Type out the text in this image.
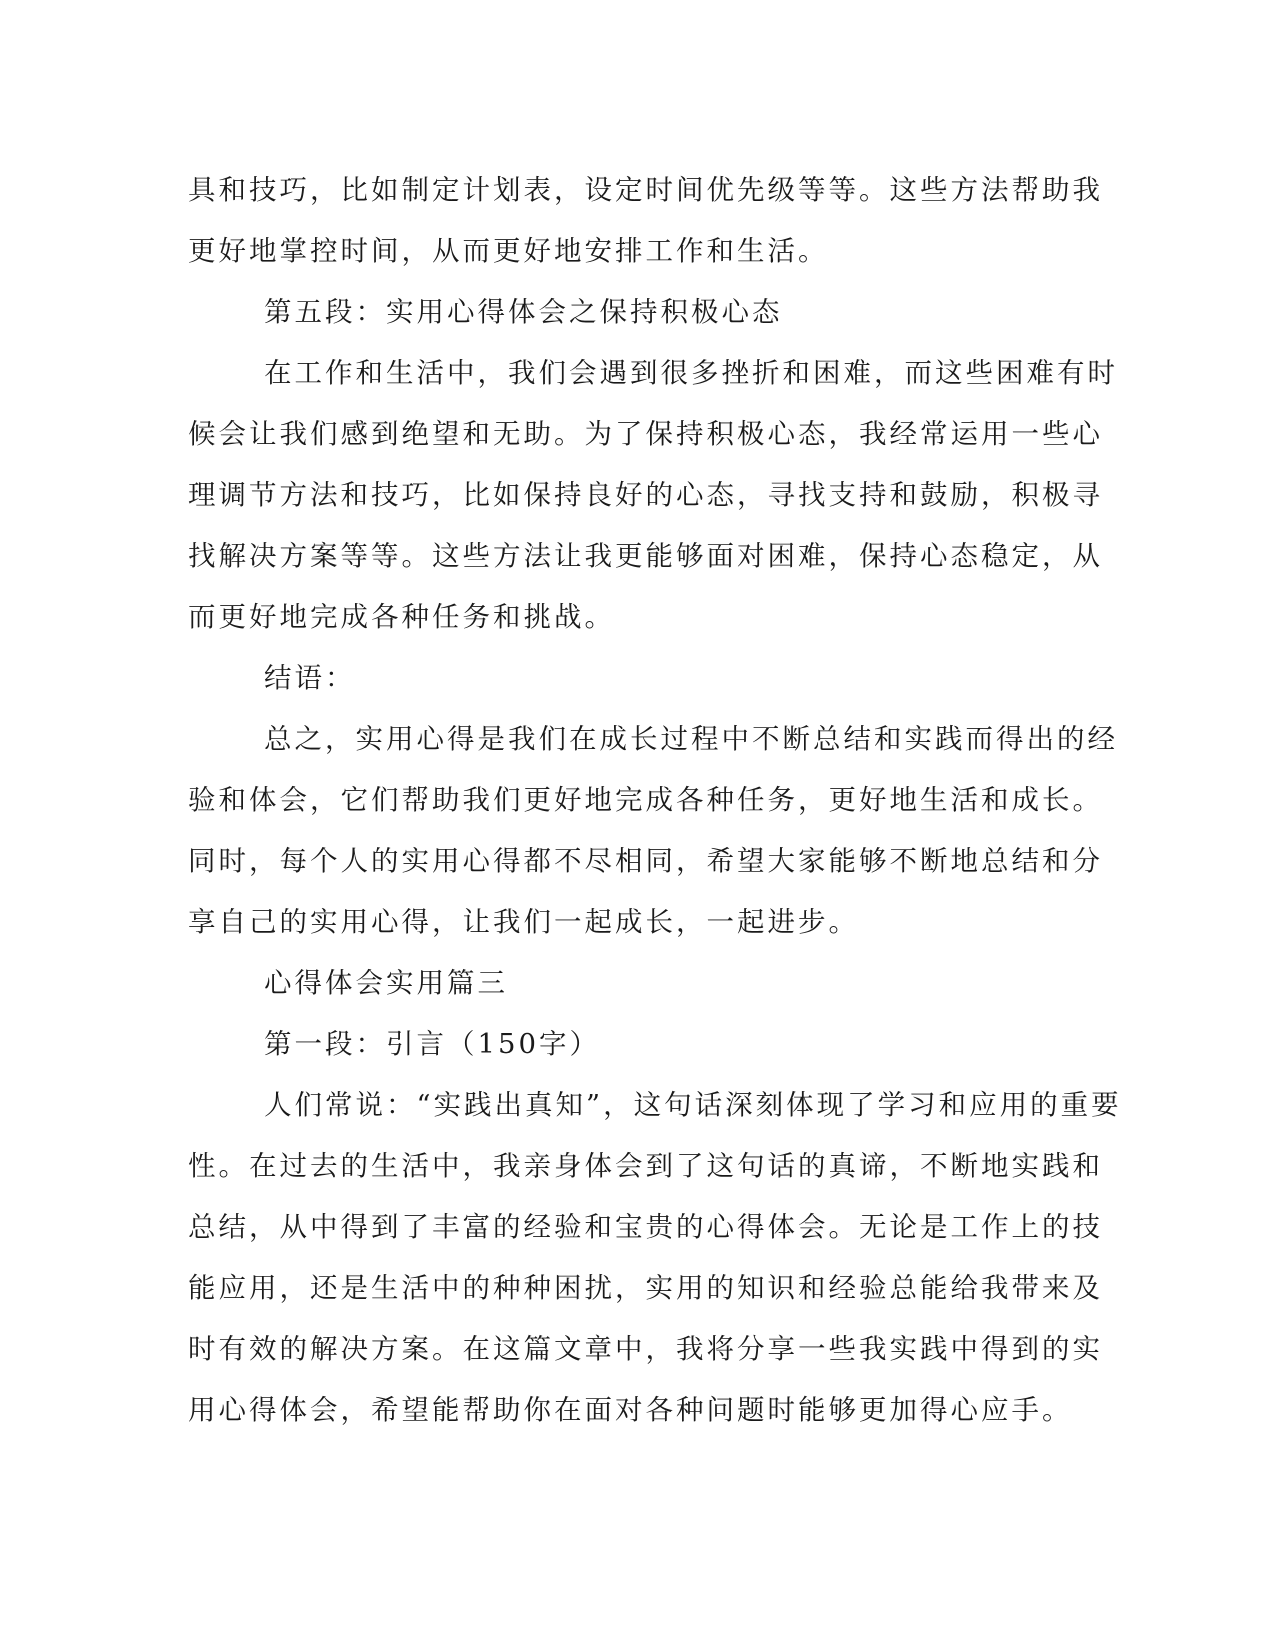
具和技巧，比如制定计划表，设定时间优先级等等。这些方法帮助我

更好地掌控时间，从而更好地安排工作和生活。

第五段：实用心得体会之保持积极心态

在工作和生活中，我们会遇到很多挫折和困难，而这些困难有时

候会让我们感到绝望和无助。为了保持积极心态，我经常运用一些心

理调节方法和技巧，比如保持良好的心态，寻找支持和鼓励，积极寻

找解决方案等等。这些方法让我更能够面对困难，保持心态稳定，从

而更好地完成各种任务和挑战。

结语：

总之，实用心得是我们在成长过程中不断总结和实践而得出的经

验和体会，它们帮助我们更好地完成各种任务，更好地生活和成长。

同时，每个人的实用心得都不尽相同，希望大家能够不断地总结和分

享自己的实用心得，让我们一起成长，一起进步。

心得体会实用篇三

第一段：引言（150字）

人们常说：“实践出真知”，这句话深刻体现了学习和应用的重要

性。在过去的生活中，我亲身体会到了这句话的真谛，不断地实践和

总结，从中得到了丰富的经验和宝贵的心得体会。无论是工作上的技

能应用，还是生活中的种种困扰，实用的知识和经验总能给我带来及

时有效的解决方案。在这篇文章中，我将分享一些我实践中得到的实

用心得体会，希望能帮助你在面对各种问题时能够更加得心应手。
